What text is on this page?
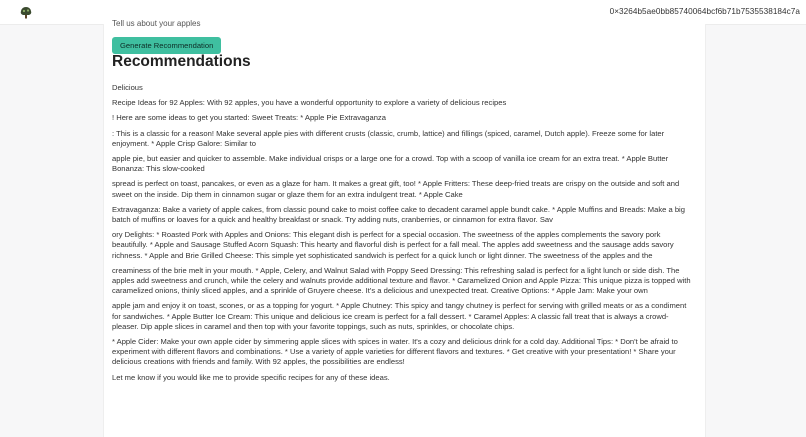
0×3264b5ae0bb85740064bcf6b71b7535538184c7a
Tell us about your apples
Generate Recommendation
Recommendations

Delicious

Recipe Ideas for 92 Apples: With 92 apples, you have a wonderful opportunity to explore a variety of delicious recipes

! Here are some ideas to get you started: Sweet Treats: * Apple Pie Extravaganza

: This is a classic for a reason! Make several apple pies with different crusts (classic, crumb, lattice) and fillings (spiced, caramel, Dutch apple). Freeze some for later enjoyment. * Apple Crisp Galore: Similar to

apple pie, but easier and quicker to assemble. Make individual crisps or a large one for a crowd. Top with a scoop of vanilla ice cream for an extra treat. * Apple Butter Bonanza: This slow-cooked

spread is perfect on toast, pancakes, or even as a glaze for ham. It makes a great gift, too! * Apple Fritters: These deep-fried treats are crispy on the outside and soft and sweet on the inside. Dip them in cinnamon sugar or glaze them for an extra indulgent treat. * Apple Cake

Extravaganza: Bake a variety of apple cakes, from classic pound cake to moist coffee cake to decadent caramel apple bundt cake. * Apple Muffins and Breads: Make a big batch of muffins or loaves for a quick and healthy breakfast or snack. Try adding nuts, cranberries, or cinnamon for extra flavor. Sav

ory Delights: * Roasted Pork with Apples and Onions: This elegant dish is perfect for a special occasion. The sweetness of the apples complements the savory pork beautifully. * Apple and Sausage Stuffed Acorn Squash: This hearty and flavorful dish is perfect for a fall meal. The apples add sweetness and the sausage adds savory richness. * Apple and Brie Grilled Cheese: This simple yet sophisticated sandwich is perfect for a quick lunch or light dinner. The sweetness of the apples and the

creaminess of the brie melt in your mouth. * Apple, Celery, and Walnut Salad with Poppy Seed Dressing: This refreshing salad is perfect for a light lunch or side dish. The apples add sweetness and crunch, while the celery and walnuts provide additional texture and flavor. * Caramelized Onion and Apple Pizza: This unique pizza is topped with caramelized onions, thinly sliced apples, and a sprinkle of Gruyere cheese. It's a delicious and unexpected treat. Creative Options: * Apple Jam: Make your own

apple jam and enjoy it on toast, scones, or as a topping for yogurt. * Apple Chutney: This spicy and tangy chutney is perfect for serving with grilled meats or as a condiment for sandwiches. * Apple Butter Ice Cream: This unique and delicious ice cream is perfect for a fall dessert. * Caramel Apples: A classic fall treat that is always a crowd-pleaser. Dip apple slices in caramel and then top with your favorite toppings, such as nuts, sprinkles, or chocolate chips.

* Apple Cider: Make your own apple cider by simmering apple slices with spices in water. It's a cozy and delicious drink for a cold day. Additional Tips: * Don't be afraid to experiment with different flavors and combinations. * Use a variety of apple varieties for different flavors and textures. * Get creative with your presentation! * Share your delicious creations with friends and family. With 92 apples, the possibilities are endless!

Let me know if you would like me to provide specific recipes for any of these ideas.
